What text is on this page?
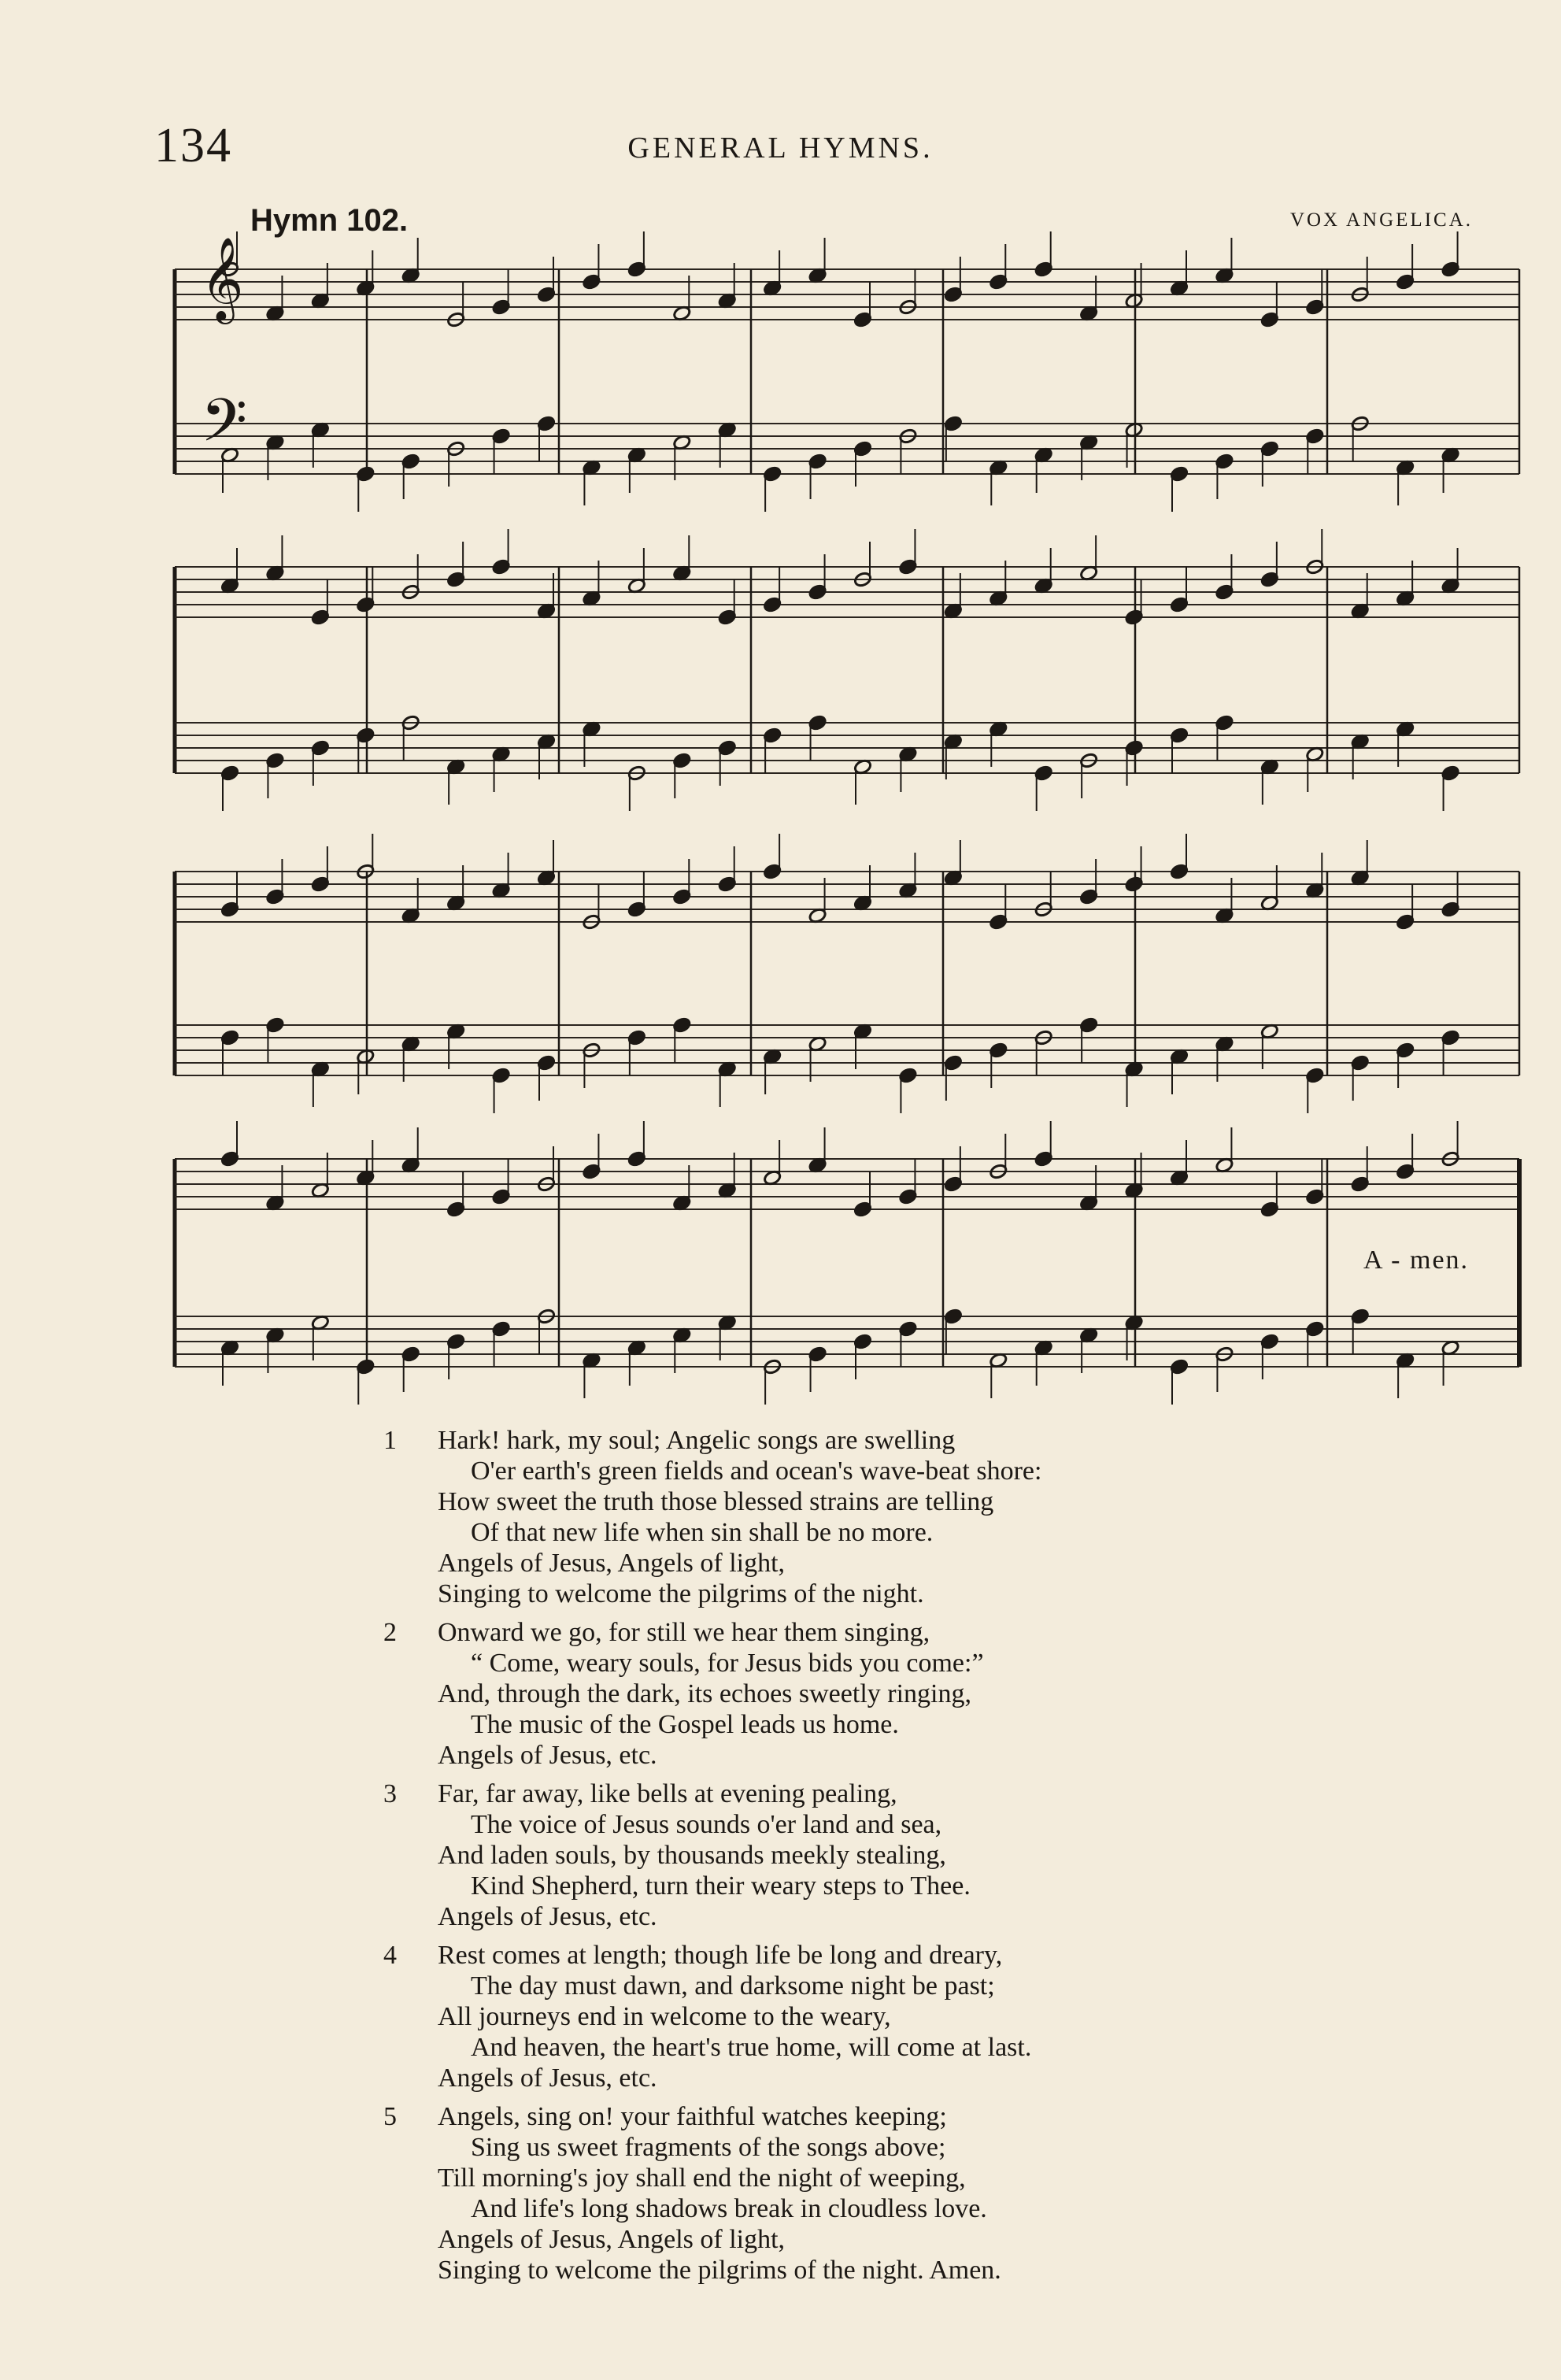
134	GENERAL HYMNS.
Hymn 102.	VOX ANGELICA.
𝄞
𝄢
A - men.
1	Hark! hark, my soul; Angelic songs are swelling
O'er earth's green fields and ocean's wave-beat shore:
How sweet the truth those blessed strains are telling
Of that new life when sin shall be no more.
Angels of Jesus, Angels of light,
Singing to welcome the pilgrims of the night.
2	Onward we go, for still we hear them singing,
“ Come, weary souls, for Jesus bids you come:”
And, through the dark, its echoes sweetly ringing,
The music of the Gospel leads us home.
Angels of Jesus, etc.
3	Far, far away, like bells at evening pealing,
The voice of Jesus sounds o'er land and sea,
And laden souls, by thousands meekly stealing,
Kind Shepherd, turn their weary steps to Thee.
Angels of Jesus, etc.
4	Rest comes at length; though life be long and dreary,
The day must dawn, and darksome night be past;
All journeys end in welcome to the weary,
And heaven, the heart's true home, will come at last.
Angels of Jesus, etc.
5	Angels, sing on! your faithful watches keeping;
Sing us sweet fragments of the songs above;
Till morning's joy shall end the night of weeping,
And life's long shadows break in cloudless love.
Angels of Jesus, Angels of light,
Singing to welcome the pilgrims of the night. Amen.
